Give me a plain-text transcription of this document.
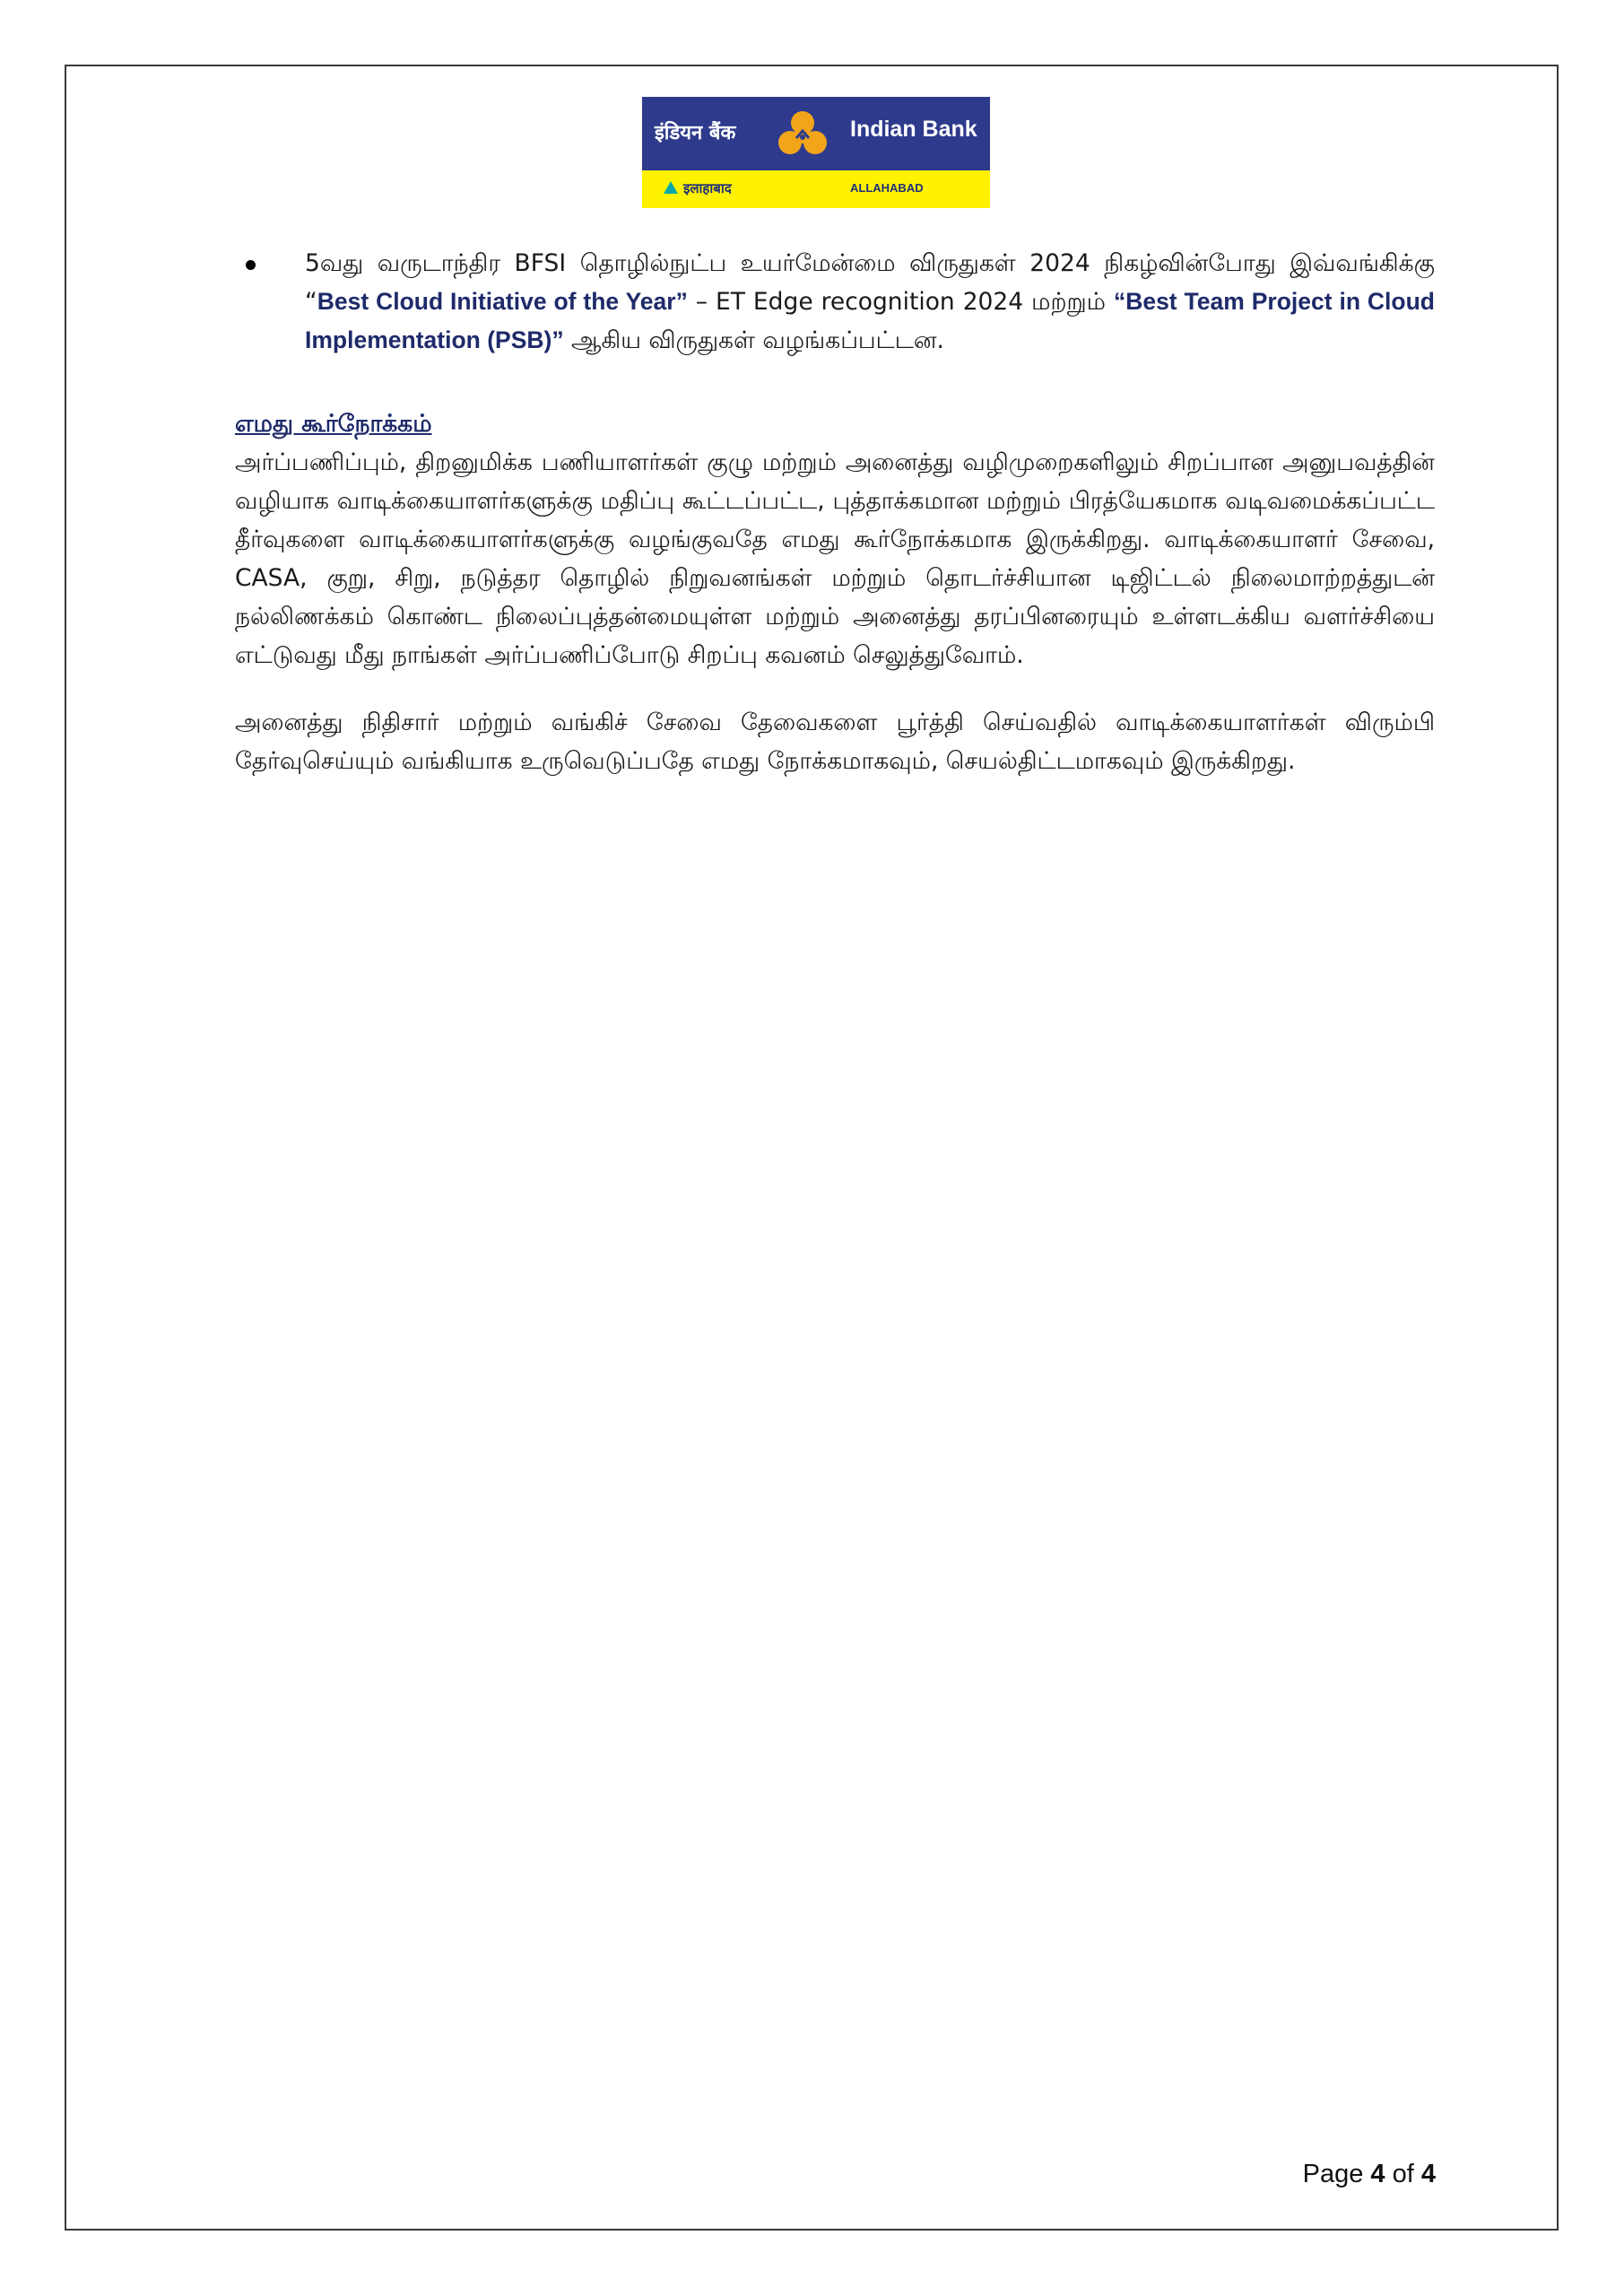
इंडियन बैंक	Indian Bank
इलाहाबाद	ALLAHABAD

5வது வருடாந்திர BFSI தொழில்நுட்ப உயர்மேன்மை விருதுகள் 2024 நிகழ்வின்போது இவ்வங்கிக்கு “Best Cloud Initiative of the Year” – ET Edge recognition 2024 மற்றும் “Best Team Project in Cloud Implementation (PSB)” ஆகிய விருதுகள் வழங்கப்பட்டன.

எமது கூர்நோக்கம்

அர்ப்பணிப்பும், திறனுமிக்க பணியாளர்கள் குழு மற்றும் அனைத்து வழிமுறைகளிலும் சிறப்பான அனுபவத்தின் வழியாக வாடிக்கையாளர்களுக்கு மதிப்பு கூட்டப்பட்ட, புத்தாக்கமான மற்றும் பிரத்யேகமாக வடிவமைக்கப்பட்ட தீர்வுகளை வாடிக்கையாளர்களுக்கு வழங்குவதே எமது கூர்நோக்கமாக இருக்கிறது. வாடிக்கையாளர் சேவை, CASA, குறு, சிறு, நடுத்தர தொழில் நிறுவனங்கள் மற்றும் தொடர்ச்சியான டிஜிட்டல் நிலைமாற்றத்துடன் நல்லிணக்கம் கொண்ட நிலைப்புத்தன்மையுள்ள மற்றும் அனைத்து தரப்பினரையும் உள்ளடக்கிய வளர்ச்சியை எட்டுவது மீது நாங்கள் அர்ப்பணிப்போடு சிறப்பு கவனம் செலுத்துவோம்.

அனைத்து நிதிசார் மற்றும் வங்கிச் சேவை தேவைகளை பூர்த்தி செய்வதில் வாடிக்கையாளர்கள் விரும்பி தேர்வுசெய்யும் வங்கியாக உருவெடுப்பதே எமது நோக்கமாகவும், செயல்திட்டமாகவும் இருக்கிறது.

Page 4 of 4
